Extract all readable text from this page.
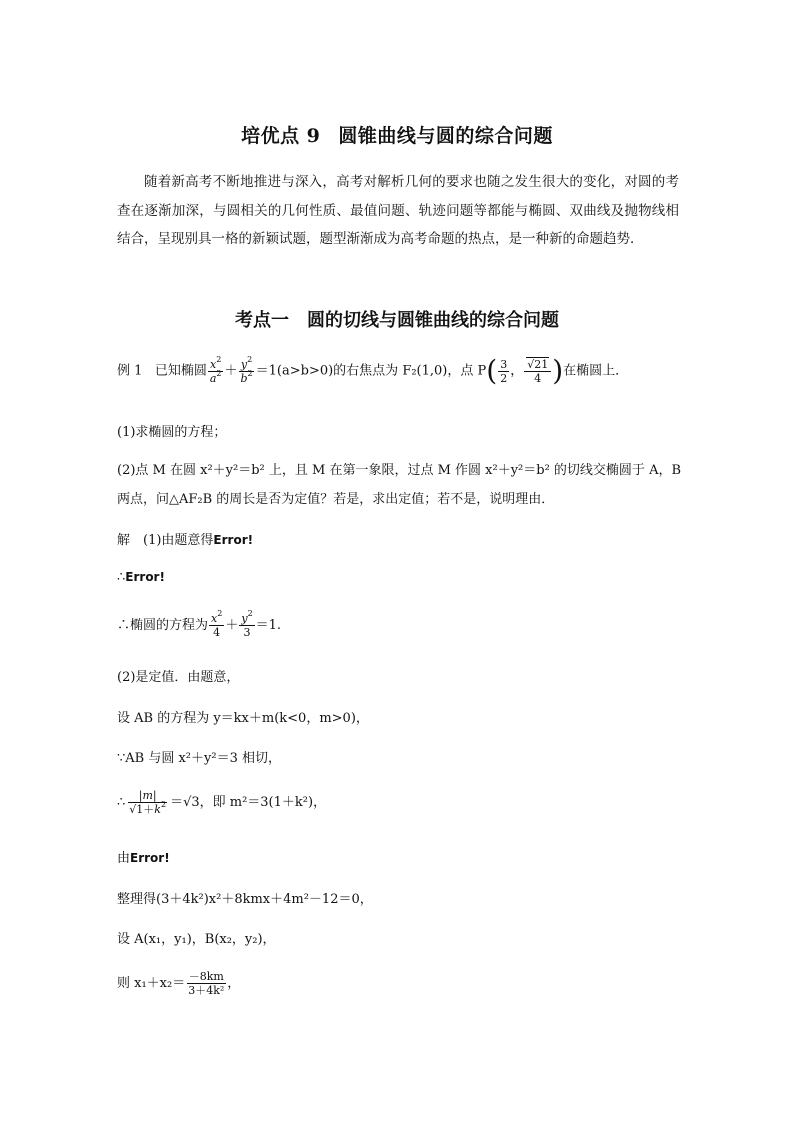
培优点 9 圆锥曲线与圆的综合问题
随着新高考不断地推进与深入，高考对解析几何的要求也随之发生很大的变化，对圆的考查在逐渐加深，与圆相关的几何性质、最值问题、轨迹问题等都能与椭圆、双曲线及抛物线相结合，呈现别具一格的新颖试题，题型渐渐成为高考命题的热点，是一种新的命题趋势．
考点一 圆的切线与圆锥曲线的综合问题
例 1 已知椭圆 $\frac{x^2}{a^2} + \frac{y^2}{b^2} =1(a>b>0)$的右焦点为 F₂(1,0)，点 $P( \frac{3}{2}$ ， $\frac{√21}{4}$ )在椭圆上．
(1)求椭圆的方程；
(2)点 M 在圆 x²＋y²＝b² 上，且 M 在第一象限，过点 M 作圆 x²＋y²＝b² 的切线交椭圆于 A，B
两点，问△AF₂B 的周长是否为定值？若是，求出定值；若不是，说明理由．
解　(1)由题意得Error!
∴Error!
∴椭圆的方程为 $\frac{x^2}{4} + \frac{y^2}{3} =1$.
(2)是定值．由题意，
设 AB 的方程为 y＝kx＋m(k<0，m>0)，
∵AB 与圆 x²＋y²＝3 相切，
∴ $\frac{|m|}{√1+k^2} =√3$，即 m²＝3(1＋k²)，
由Error!
整理得(3＋4k²)x²＋8kmx＋4m²－12＝0，
设 A(x₁，y₁)，B(x₂，y₂)，
则 $x_1+x_2= \frac{-8km}{\text{3＋4k²}}$ ，
